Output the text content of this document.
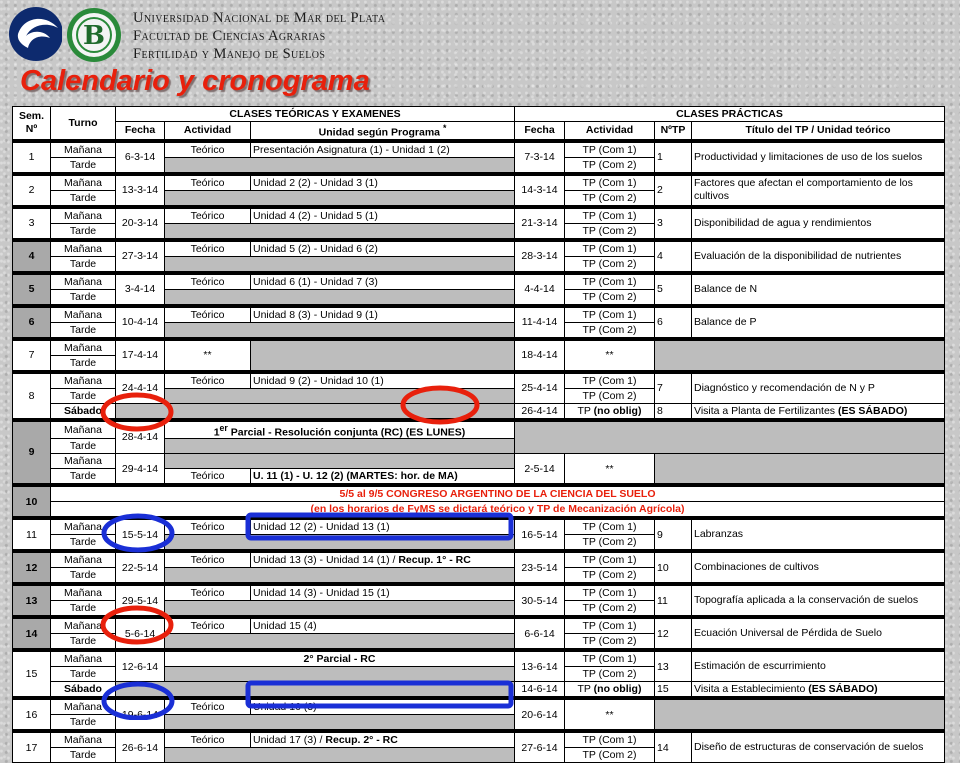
B
Universidad Nacional de Mar del Plata
Facultad de Ciencias Agrarias
Fertilidad y Manejo de Suelos
Calendario y cronograma
Sem. Nº	Turno	CLASES TEÓRICAS Y EXAMENES			CLASES PRÁCTICAS			
		Fecha	Actividad	Unidad según Programa *	Fecha	Actividad	NºTP	Título del TP / Unidad teórico

1	Mañana	6-3-14	Teórico	Presentación Asignatura (1) - Unidad 1 (2)	7-3-14	TP (Com 1)	1	Productividad y limitaciones de uso de los suelos
	Tarde					TP (Com 2)		

2	Mañana	13-3-14	Teórico	Unidad 2 (2) - Unidad 3 (1)	14-3-14	TP (Com 1)	2	Factores que afectan el comportamiento de los cultivos
	Tarde					TP (Com 2)		

3	Mañana	20-3-14	Teórico	Unidad 4 (2) - Unidad 5 (1)	21-3-14	TP (Com 1)	3	Disponibilidad de agua y rendimientos
	Tarde					TP (Com 2)		

4	Mañana	27-3-14	Teórico	Unidad 5 (2) - Unidad 6 (2)	28-3-14	TP (Com 1)	4	Evaluación de la disponibilidad de nutrientes
	Tarde					TP (Com 2)		

5	Mañana	3-4-14	Teórico	Unidad 6 (1) - Unidad 7 (3)	4-4-14	TP (Com 1)	5	Balance de N
	Tarde					TP (Com 2)		

6	Mañana	10-4-14	Teórico	Unidad 8 (3) - Unidad 9 (1)	11-4-14	TP (Com 1)	6	Balance de P
	Tarde					TP (Com 2)		

7	Mañana	17-4-14	**		18-4-14	**		
	Tarde							

8	Mañana	24-4-14	Teórico	Unidad 9 (2) - Unidad 10 (1)	25-4-14	TP (Com 1)	7	Diagnóstico y recomendación de N y P
	Tarde					TP (Com 2)		
	Sábado				26-4-14	TP (no oblig)	8	Visita a Planta de Fertilizantes (ES SÁBADO)

9	Mañana	28-4-14	1er Parcial - Resolución conjunta (RC) (ES LUNES)					
	Tarde							
	Mañana	29-4-14			2-5-14	**		
	Tarde		Teórico	U. 11 (1) - U. 12 (2) (MARTES: hor. de MA)				

10	5/5 al 9/5 CONGRESO ARGENTINO DE LA CIENCIA DEL SUELO							
	(en los horarios de FyMS se dictará teórico y TP de Mecanización Agrícola)							

11	Mañana	15-5-14	Teórico	Unidad 12 (2) - Unidad 13 (1)	16-5-14	TP (Com 1)	9	Labranzas
	Tarde					TP (Com 2)		

12	Mañana	22-5-14	Teórico	Unidad 13 (3) - Unidad 14 (1) / Recup. 1° - RC	23-5-14	TP (Com 1)	10	Combinaciones de cultivos
	Tarde					TP (Com 2)		

13	Mañana	29-5-14	Teórico	Unidad 14 (3) - Unidad 15 (1)	30-5-14	TP (Com 1)	11	Topografía aplicada a la conservación de suelos
	Tarde					TP (Com 2)		

14	Mañana	5-6-14	Teórico	Unidad 15 (4)	6-6-14	TP (Com 1)	12	Ecuación Universal de Pérdida de Suelo
	Tarde					TP (Com 2)		

15	Mañana	12-6-14	2° Parcial - RC		13-6-14	TP (Com 1)	13	Estimación de escurrimiento
	Tarde					TP (Com 2)		
	Sábado				14-6-14	TP (no oblig)	15	Visita a Establecimiento (ES SÁBADO)

16	Mañana	19-6-14	Teórico	Unidad 16 (3)	20-6-14	**		
	Tarde							

17	Mañana	26-6-14	Teórico	Unidad 17 (3) / Recup. 2° - RC	27-6-14	TP (Com 1)	14	Diseño de estructuras de conservación de suelos
	Tarde					TP (Com 2)		
